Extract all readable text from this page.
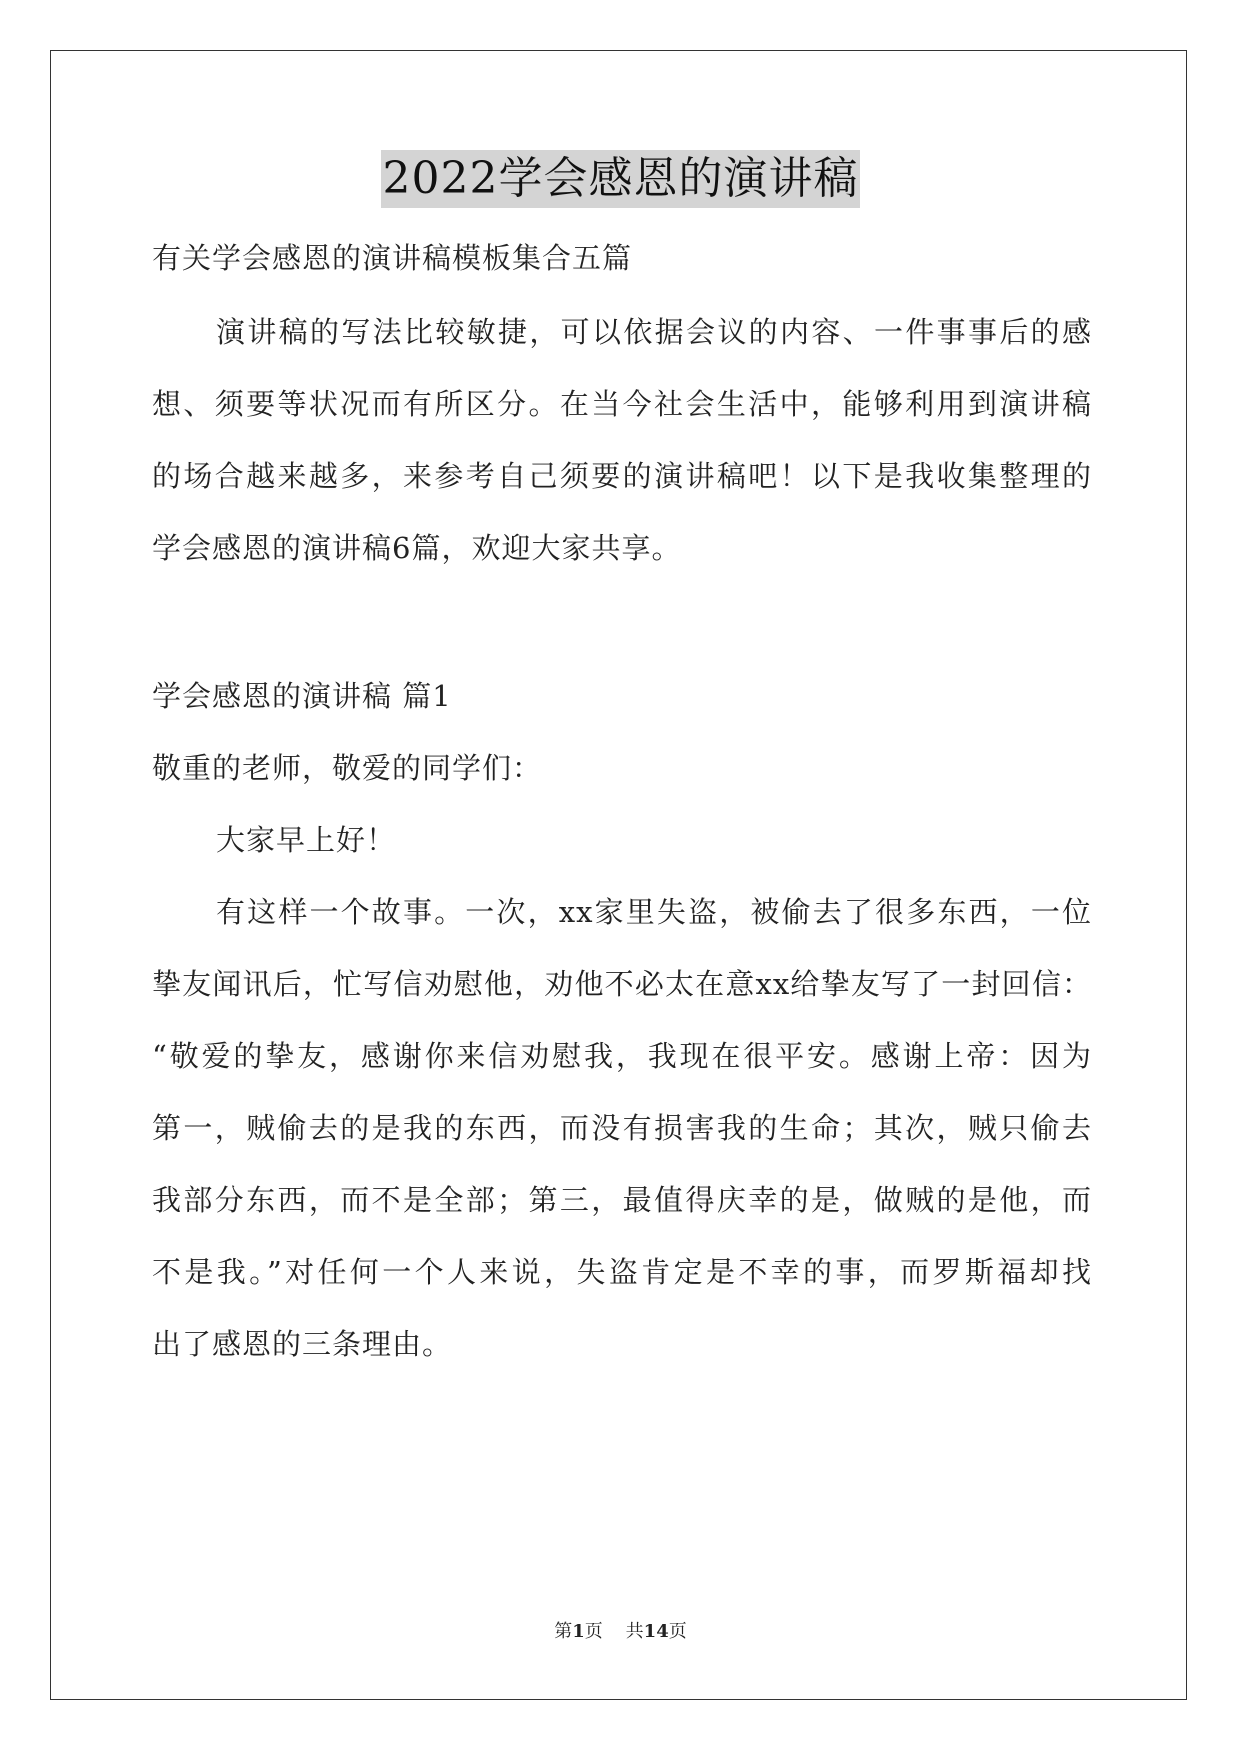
2022学会感恩的演讲稿
有关学会感恩的演讲稿模板集合五篇
演讲稿的写法比较敏捷，可以依据会议的内容、一件事事后的感
想、须要等状况而有所区分。在当今社会生活中，能够利用到演讲稿
的场合越来越多，来参考自己须要的演讲稿吧！以下是我收集整理的
学会感恩的演讲稿6篇，欢迎大家共享。
学会感恩的演讲稿 篇1
敬重的老师，敬爱的同学们：
大家早上好！
有这样一个故事。一次，xx家里失盗，被偷去了很多东西，一位
挚友闻讯后，忙写信劝慰他，劝他不必太在意xx给挚友写了一封回信：
“敬爱的挚友，感谢你来信劝慰我，我现在很平安。感谢上帝：因为
第一，贼偷去的是我的东西，而没有损害我的生命；其次，贼只偷去
我部分东西，而不是全部；第三，最值得庆幸的是，做贼的是他，而
不是我。”对任何一个人来说，失盗肯定是不幸的事，而罗斯福却找
出了感恩的三条理由。
第1页    共14页
